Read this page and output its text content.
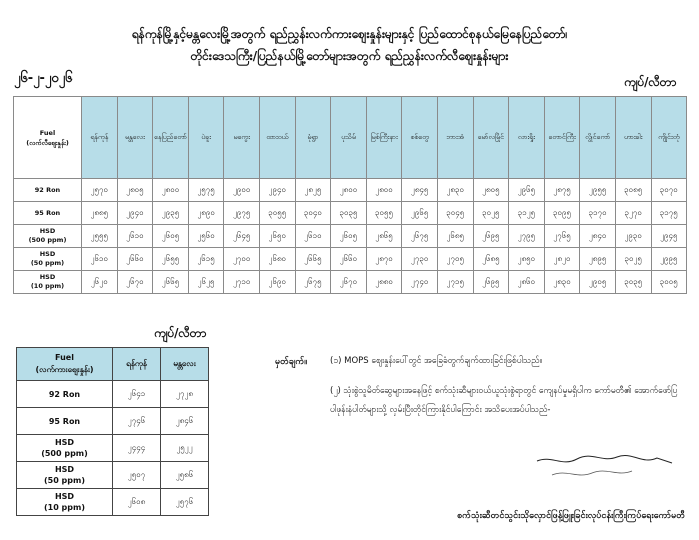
ရန်ကုန်မြို့နှင့်မန္တလေးမြို့အတွက် ရည်ညွှန်းလက်ကားဈေးနှုန်းများနှင့် ပြည်ထောင်စုနယ်မြေနေပြည်တော်၊
တိုင်းဒေသကြီး/ပြည်နယ်မြို့တော်များအတွက် ရည်ညွှန်းလက်လီဈေးနှုန်းများ
၂၆-၂-၂၀၂၆	ကျပ်/လီတာ
Fuel
(လက်လီဈေးနှုန်း)	ရန်ကုန်	မန္တလေး	နေပြည်တော်	ပဲခူး	မကွေး	ထားဝယ်	မုံရွာ	ပုသိမ်	မြစ်ကြီးနား	စစ်တွေ	ဘားအံ	မော်လမြိုင်	လားရှိုး	တောင်ကြီး	လွိုင်ကော်	ဟားခါး	ကျိုင်းတုံ
92 Ron	၂၅၇၀	၂၈၀၅	၂၈၀၀	၂၅၇၅	၂၉၀၀	၂၉၄၀	၂၈၂၅	၂၈၀၀	၂၈၀၀	၂၈၄၅	၂၈၃၀	၂၈၀၅	၂၉၆၅	၂၈၇၅	၂၉၅၅	၃၀၈၅	၃၀၇၀
95 Ron	၂၈၈၅	၂၉၄၀	၂၉၃၅	၂၈၉၀	၂၉၇၅	၃၀၅၅	၃၀၄၀	၃၀၃၅	၃၀၅၅	၂၉၆၅	၃၀၄၅	၃၀၂၅	၃၁၂၅	၃၀၉၅	၃၁၇၀	၃၂၇၀	၃၁၇၅
HSD
(500 ppm)	၂၅၅၅	၂၆၁၀	၂၆၀၅	၂၅၆၀	၂၆၄၅	၂၆၅၀	၂၆၁၀	၂၆၀၅	၂၈၆၅	၂၆၇၅	၂၆၈၅	၂၆၉၅	၂၇၉၅	၂၇၆၅	၂၈၄၀	၂၉၃၀	၂၉၄၅
HSD
(50 ppm)	၂၆၁၀	၂၆၆၀	၂၆၅၅	၂၆၁၅	၂၇၀၀	၂၆၈၀	၂၆၆၅	၂၆၆၀	၂၈၇၀	၂၇၃၀	၂၇၀၅	၂၆၈၅	၂၈၅၀	၂၈၂၀	၂၈၉၅	၃၀၂၅	၂၉၉၅
HSD
(10 ppm)	၂၆၂၀	၂၆၇၀	၂၆၆၅	၂၆၂၅	၂၇၁၀	၂၆၉၀	၂၆၇၅	၂၆၇၀	၂၈၈၀	၂၇၄၀	၂၇၁၅	၂၆၉၅	၂၈၆၀	၂၈၃၀	၂၉၀၅	၃၀၃၅	၃၀၀၅
ကျပ်/လီတာ
Fuel
(လက်ကားဈေးနှုန်း)	ရန်ကုန်	မန္တလေး
92 Ron	၂၆၄၁	၂၇၂၈
95 Ron	၂၇၄၆	၂၈၄၆
HSD
(500 ppm)	၂၄၄၄	၂၅၂၂
HSD
(50 ppm)	၂၅၀၇	၂၅၈၆
HSD
(10 ppm)	၂၆၀၈	၂၅၇၆
မှတ်ချက်။	(၁) MOPS ဈေးနှုန်းပေါ်တွင် အခြေခံတွက်ချက်ထားခြင်းဖြစ်ပါသည်။
(၂) သုံးစွဲသူမိတ်ဆွေများအနေဖြင့် စက်သုံးဆီများဝယ်ယူသုံးစွဲရာတွင် ကျေနပ်မှုမရှိပါက ကော်မတီ၏ အောက်ဖော်ပြပါဖုန်းနံပါတ်များသို့ လှမ်းပြီးတိုင်ကြားနိုင်ပါကြောင်း အသိပေးအပ်ပါသည်-
စက်သုံးဆီတင်သွင်းသိုလှောင်ဖြန့်ဖြူးခြင်းလုပ်ငန်းကြီးကြပ်ရေးကော်မတီ
